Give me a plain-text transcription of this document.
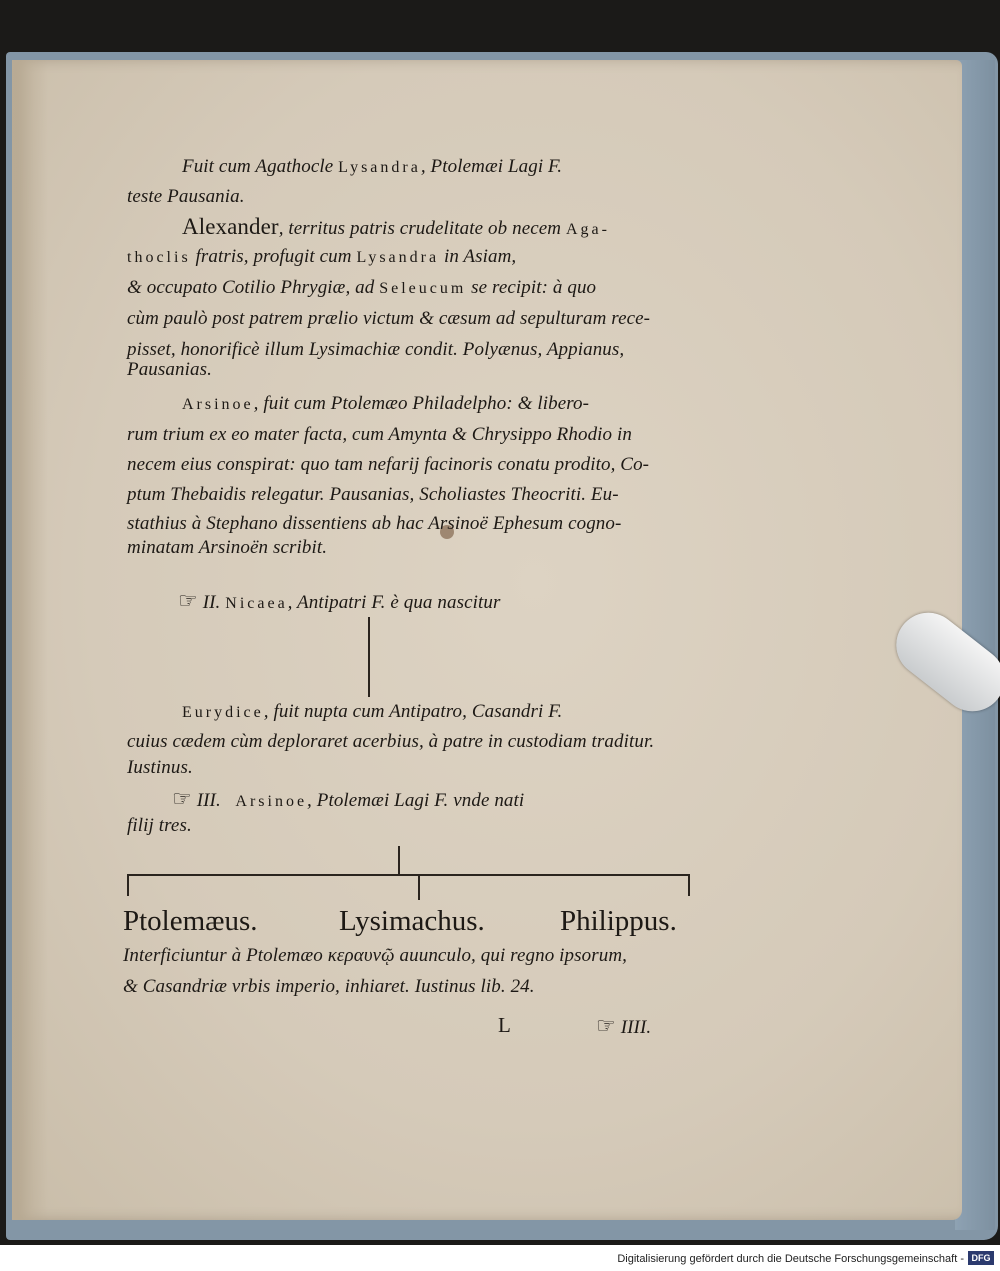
Fuit cum Agathocle Lysandra, Ptolemæi Lagi F.
teste Pausania.
Alexander, territus patris crudelitate ob necem Aga-
thoclis fratris, profugit cum Lysandra in Asiam,
& occupato Cotilio Phrygiæ, ad Seleucum se recipit: à quo
cùm paulò post patrem prælio victum & cæsum ad sepulturam rece-
pisset, honorificè illum Lysimachiæ condit. Polyænus, Appianus,
Pausanias.
Arsinoe, fuit cum Ptolemæo Philadelpho: & libero-
rum trium ex eo mater facta, cum Amynta & Chrysippo Rhodio in
necem eius conspirat: quo tam nefarij facinoris conatu prodito, Co-
ptum Thebaidis relegatur. Pausanias, Scholiastes Theocriti. Eu-
stathius à Stephano dissentiens ab hac Arsinoë Ephesum cogno-
minatam Arsinoën scribit.
☞ II. Nicaea, Antipatri F. è qua nascitur
Eurydice, fuit nupta cum Antipatro, Casandri F.
cuius cædem cùm deploraret acerbius, à patre in custodiam traditur.
Iustinus.
☞ III. Arsinoe, Ptolemæi Lagi F. vnde nati
filij tres.
Ptolemæus.	Lysimachus.	Philippus.
Interficiuntur à Ptolemæo κεραυνῷ auunculo, qui regno ipsorum,
& Casandriæ vrbis imperio, inhiaret. Iustinus lib. 24.
L	☞ IIII.
Digitalisierung gefördert durch die Deutsche Forschungsgemeinschaft - DFG
